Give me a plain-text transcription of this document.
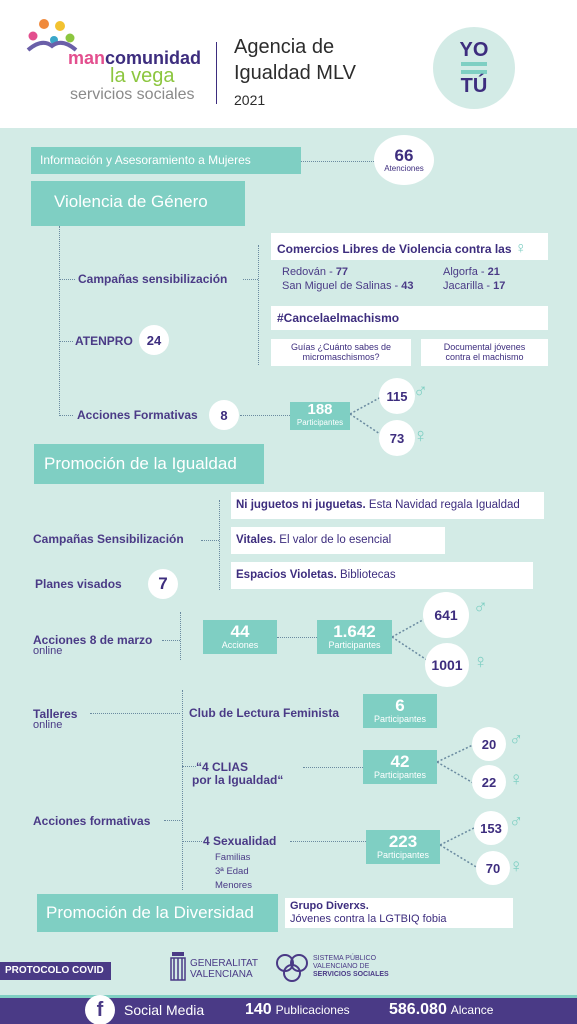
mancomunidad
la vega
servicios sociales
Agencia de
Igualdad MLV
2021
YO
TÚ
Información y Asesoramiento a Mujeres	66
Atenciones
Violencia de Género
Campañas sensibilización
Comercios Libres de Violencia contra las ♀
Redován - 77
San Miguel de Salinas - 43
Algorfa - 21
Jacarilla - 17
ATENPRO	24
#Cancelaelmachismo
Guías ¿Cuánto sabes de
micromaschismos?
Documental jóvenes
contra el machismo
Acciones Formativas	8	188
Participantes
115 ♂
73 ♀
Promoción de la Igualdad
Campañas Sensibilización
Ni juguetos ni juguetas. Esta Navidad regala Igualdad
Vitales. El valor de lo esencial
Espacios Violetas. Bibliotecas
Planes visados	7
Acciones 8 de marzo
online
44
Acciones
1.642
Participantes
641 ♂
1001 ♀
Talleres
online
Club de Lectura Feminista	6
Participantes
Acciones formativas
“4 CLIAS
por la Igualdad“
42
Participantes
20 ♂
22 ♀
4 Sexualidad
Familias
3ª Edad
Menores
223
Participantes
153 ♂
70 ♀
Promoción de la Diversidad	Grupo Diverxs.
Jóvenes contra la LGTBIQ fobia
PROTOCOLO COVID
GENERALITAT
VALENCIANA
SISTEMA PÚBLICO
VALENCIANO DE
SERVICIOS SOCIALES
f	Social Media	140 Publicaciones 586.080 Alcance
